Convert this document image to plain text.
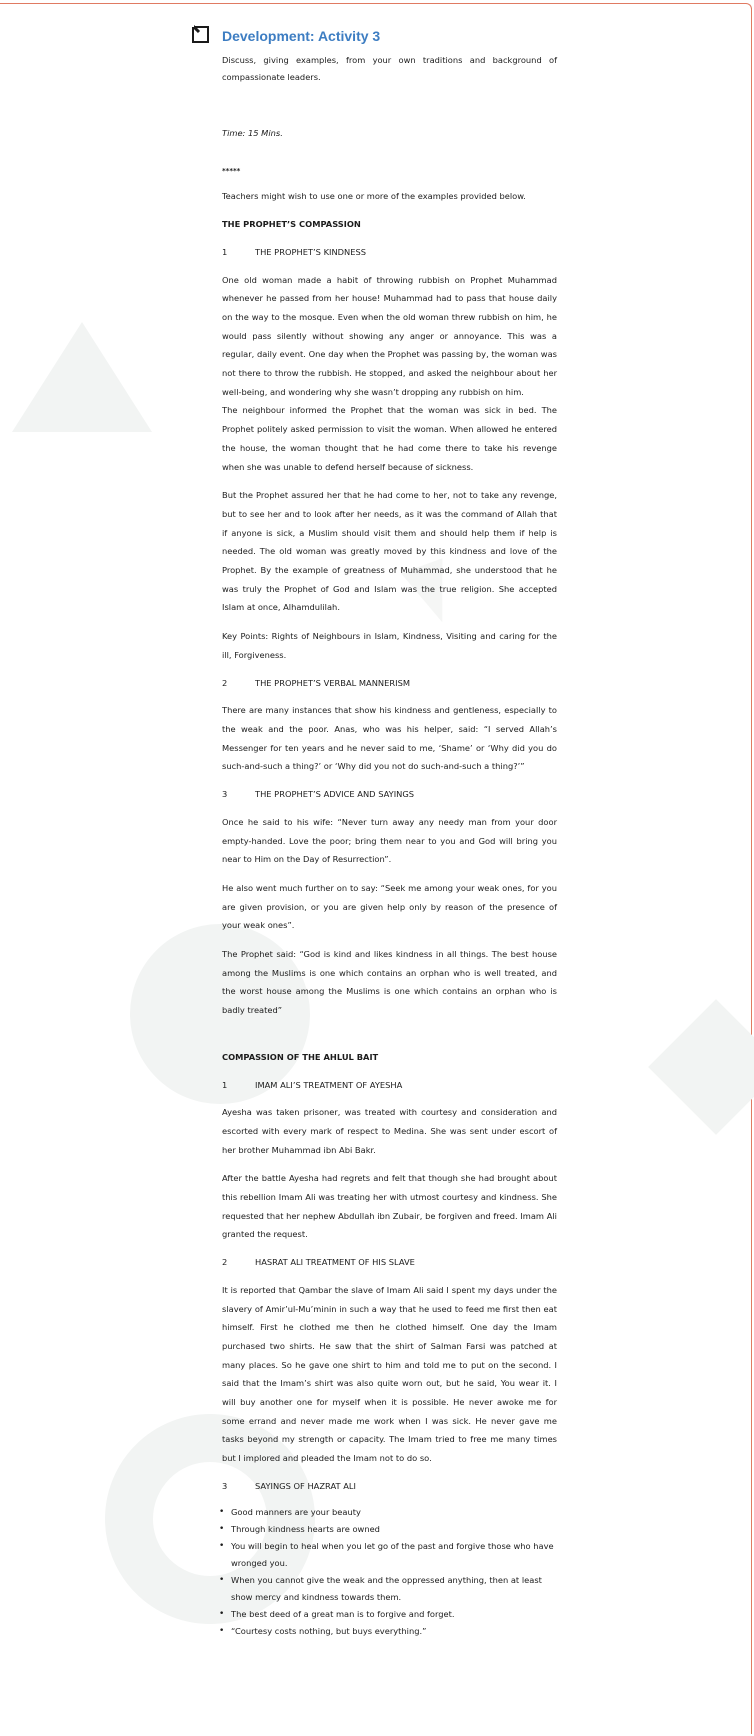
Development: Activity 3

Discuss, giving examples, from your own traditions and background of compassionate leaders.

Time: 15 Mins.

*****

Teachers might wish to use one or more of the examples provided below.

THE PROPHET’S COMPASSION

1	THE PROPHET’S KINDNESS

One old woman made a habit of throwing rubbish on Prophet Muhammad whenever he passed from her house! Muhammad had to pass that house daily on the way to the mosque. Even when the old woman threw rubbish on him, he would pass silently without showing any anger or annoyance. This was a regular, daily event. One day when the Prophet was passing by, the woman was not there to throw the rubbish. He stopped, and asked the neighbour about her well-being, and wondering why she wasn’t dropping any rubbish on him.

The neighbour informed the Prophet that the woman was sick in bed. The Prophet politely asked permission to visit the woman. When allowed he entered the house, the woman thought that he had come there to take his revenge when she was unable to defend herself because of sickness.

But the Prophet assured her that he had come to her, not to take any revenge, but to see her and to look after her needs, as it was the command of Allah that if anyone is sick, a Muslim should visit them and should help them if help is needed. The old woman was greatly moved by this kindness and love of the Prophet. By the example of greatness of Muhammad, she understood that he was truly the Prophet of God and Islam was the true religion. She accepted Islam at once, Alhamdulilah.

Key Points: Rights of Neighbours in Islam, Kindness, Visiting and caring for the ill, Forgiveness.

2	THE PROPHET’S VERBAL MANNERISM

There are many instances that show his kindness and gentleness, especially to the weak and the poor. Anas, who was his helper, said: “I served Allah’s Messenger for ten years and he never said to me, ‘Shame’ or ‘Why did you do such-and-such a thing?’ or ‘Why did you not do such-and-such a thing?’”

3	THE PROPHET’S ADVICE AND SAYINGS

Once he said to his wife: “Never turn away any needy man from your door empty-handed. Love the poor; bring them near to you and God will bring you near to Him on the Day of Resurrection”.

He also went much further on to say: “Seek me among your weak ones, for you are given provision, or you are given help only by reason of the presence of your weak ones”.

The Prophet said: “God is kind and likes kindness in all things. The best house among the Muslims is one which contains an orphan who is well treated, and the worst house among the Muslims is one which contains an orphan who is badly treated”

COMPASSION OF THE AHLUL BAIT

1	IMAM ALI’S TREATMENT OF AYESHA

Ayesha was taken prisoner, was treated with courtesy and consideration and escorted with every mark of respect to Medina. She was sent under escort of her brother Muhammad ibn Abi Bakr.

After the battle Ayesha had regrets and felt that though she had brought about this rebellion Imam Ali was treating her with utmost courtesy and kindness. She requested that her nephew Abdullah ibn Zubair, be forgiven and freed. Imam Ali granted the request.

2	HASRAT ALI TREATMENT OF HIS SLAVE

It is reported that Qambar the slave of Imam Ali said I spent my days under the slavery of Amir’ul-Mu’minin in such a way that he used to feed me first then eat himself. First he clothed me then he clothed himself. One day the Imam purchased two shirts. He saw that the shirt of Salman Farsi was patched at many places. So he gave one shirt to him and told me to put on the second. I said that the Imam’s shirt was also quite worn out, but he said, You wear it. I will buy another one for myself when it is possible. He never awoke me for some errand and never made me work when I was sick. He never gave me tasks beyond my strength or capacity. The Imam tried to free me many times but I implored and pleaded the Imam not to do so.

3	SAYINGS OF HAZRAT ALI
• Good manners are your beauty
• Through kindness hearts are owned
• You will begin to heal when you let go of the past and forgive those who have wronged you.
• When you cannot give the weak and the oppressed anything, then at least show mercy and kindness towards them.
• The best deed of a great man is to forgive and forget.
• “Courtesy costs nothing, but buys everything.”
